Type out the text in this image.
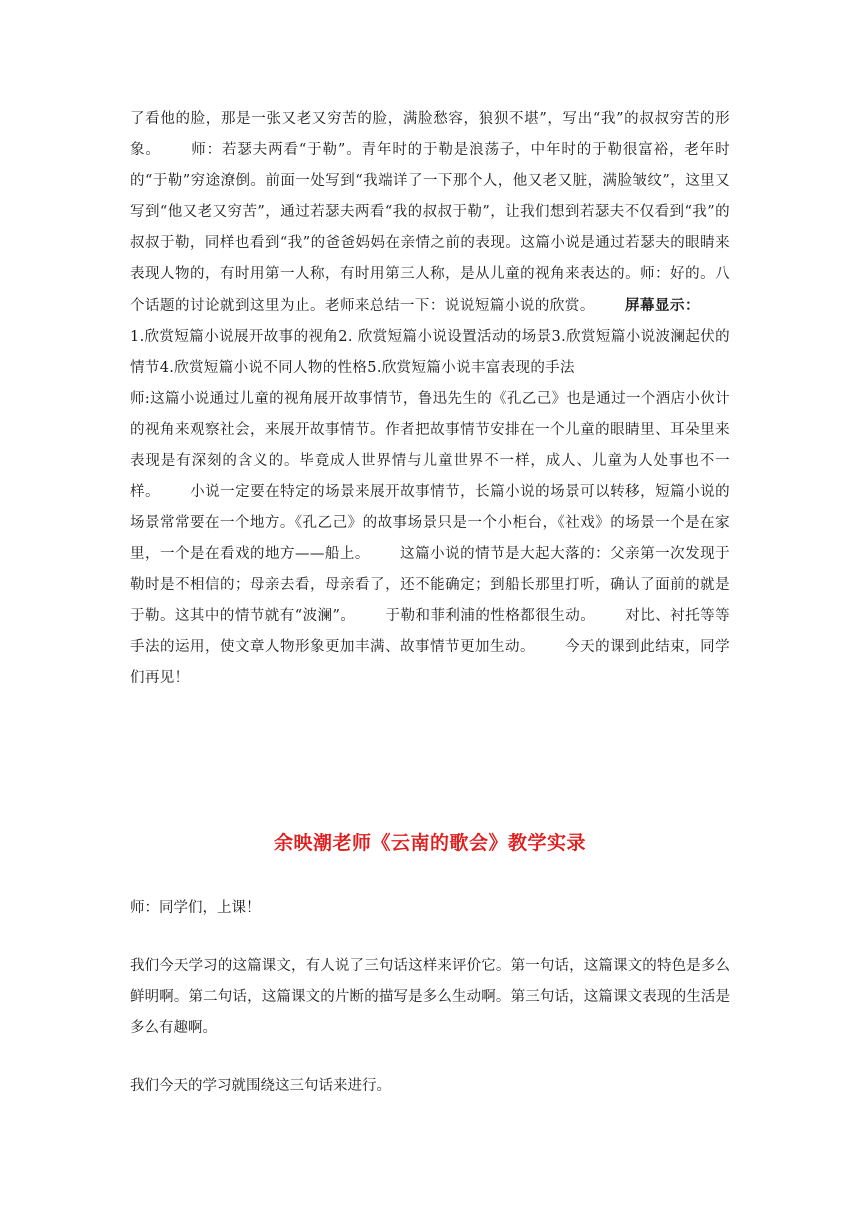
了看他的脸，那是一张又老又穷苦的脸，满脸愁容，狼狈不堪”，写出“我”的叔叔穷苦的形象。 师：若瑟夫两看“于勒”。青年时的于勒是浪荡子，中年时的于勒很富裕，老年时的“于勒”穷途潦倒。前面一处写到“我端详了一下那个人，他又老又脏，满脸皱纹”，这里又写到“他又老又穷苦”，通过若瑟夫两看“我的叔叔于勒”，让我们想到若瑟夫不仅看到“我”的叔叔于勒，同样也看到“我”的爸爸妈妈在亲情之前的表现。这篇小说是通过若瑟夫的眼睛来表现人物的，有时用第一人称，有时用第三人称，是从儿童的视角来表达的。师：好的。八个话题的讨论就到这里为止。老师来总结一下：说说短篇小说的欣赏。 屏幕显示：1.欣赏短篇小说展开故事的视角2. 欣赏短篇小说设置活动的场景3.欣赏短篇小说波澜起伏的情节4.欣赏短篇小说不同人物的性格5.欣赏短篇小说丰富表现的手法

师:这篇小说通过儿童的视角展开故事情节，鲁迅先生的《孔乙己》也是通过一个酒店小伙计的视角来观察社会，来展开故事情节。作者把故事情节安排在一个儿童的眼睛里、耳朵里来表现是有深刻的含义的。毕竟成人世界情与儿童世界不一样，成人、儿童为人处事也不一样。 小说一定要在特定的场景来展开故事情节，长篇小说的场景可以转移，短篇小说的场景常常要在一个地方。《孔乙己》的故事场景只是一个小柜台，《社戏》的场景一个是在家里，一个是在看戏的地方——船上。 这篇小说的情节是大起大落的：父亲第一次发现于勒时是不相信的；母亲去看，母亲看了，还不能确定；到船长那里打听，确认了面前的就是于勒。这其中的情节就有“波澜”。 于勒和菲利浦的性格都很生动。 对比、衬托等等手法的运用，使文章人物形象更加丰满、故事情节更加生动。 今天的课到此结束，同学们再见！

余映潮老师《云南的歌会》教学实录

师：同学们，上课！

我们今天学习的这篇课文，有人说了三句话这样来评价它。第一句话，这篇课文的特色是多么鲜明啊。第二句话，这篇课文的片断的描写是多么生动啊。第三句话，这篇课文表现的生活是多么有趣啊。

我们今天的学习就围绕这三句话来进行。
